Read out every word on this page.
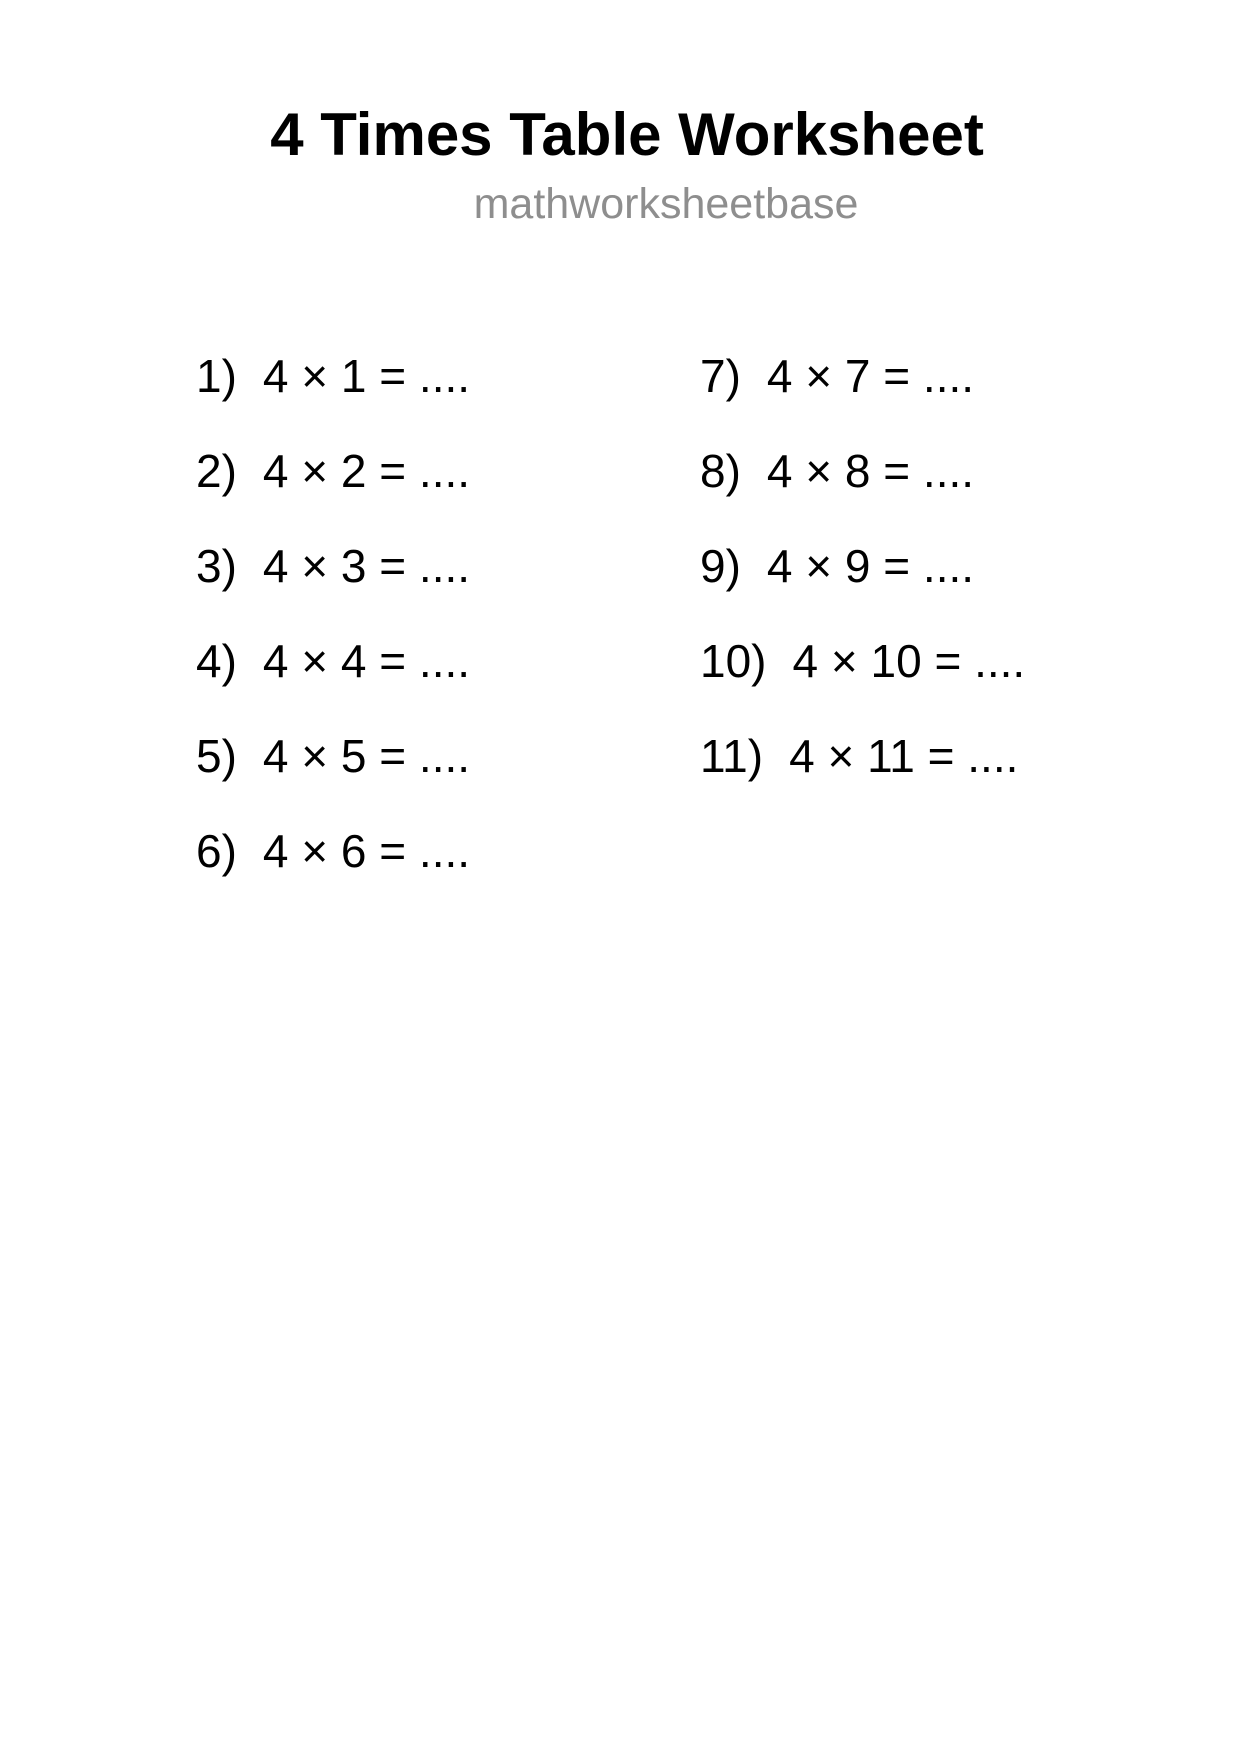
4 Times Table Worksheet
mathworksheetbase
1) 4 × 1 = ....
2) 4 × 2 = ....
3) 4 × 3 = ....
4) 4 × 4 = ....
5) 4 × 5 = ....
6) 4 × 6 = ....
7) 4 × 7 = ....
8) 4 × 8 = ....
9) 4 × 9 = ....
10) 4 × 10 = ....
11) 4 × 11 = ....
